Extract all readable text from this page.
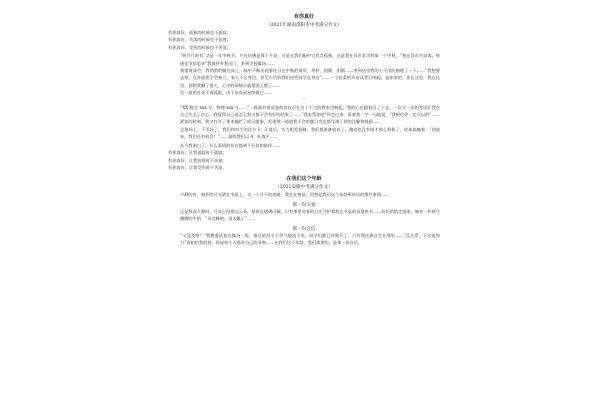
········· ······
有你真好
（2021年湖南邵阳市中考满分作文）
有你真好，孤独的时候也不孤寂；
有你真好，失落的时候也不彷徨；
有你真好，受伤的时候也不苦涩。
“明月几时有”又是一年中秋节，月亮仿佛是那个月亮，可是在我们眼中它有点孤独，这是我在异乡求学的第一个中秋，“独在异乡为异客，每逢佳节倍思亲”我披件外套出门，来到学校操场……
我望着深空，我悄悄的躺在床上，脑中不断出现着往日在中秋的情形，举杯，团圆，团圆……里到这里我的心不由的抽噎了一下……“我想要去家，在外面要学会独立，家人不在身边，但至少仍有我们这些同学在身边”……一个轻柔的声音从背后响起，是你来的，你在这里，我在这里，你陪我聊了很久，心中的烦恼早就烟消云散了……
这一夜的月亮不再孤寂，由于仿有星星陪着它……
⋯
“XX 数学 xxx 分，物理 xxx 分……”一阵阵对着试卷的哀叹声在这个不大的教室里响起，我的心也跟着沉了下去，一次又一次的考试让我对自己失去了信心，我觉得自己再怎么努力都不会有好的结果了……“我来帮你吧”你走过来，看着我一字一句地说，“我相信你一定可以的”……
紧张的时刻，我又打开了那本翻烂了的习题册，发现那一道道我不会的题目旁边都写满了你的注解和鼓励……
足球场上，下半场了，我们和对手的比分 1：3 落后，实力相差悬殊，我们都准备放弃了，跑动也没有刚才那么积极了，你却高喊着：“别放弃，我们还有机会！”……最终我们以 4：4 战平……
从今我明白了，什么事情的存在都离不开你的陪伴……
有你真好，让我孤寂时不孤寂；
有你真好，让我彷徨时不彷徨；
有你真好，让我受伤时不苦涩。
在我们这个年龄
（2021安徽中考满分作文）
宁静的夜，窗外的月光洒在书桌上，又一个月下的夜晚，我坐在窗前，回想起我们这个年龄所经历的那些事情……
那一份关爱
正是我深入静时，月亮已经爬过云朵，星星在熠熠闪耀，只有那里亮着的灯光守护着我在书桌前奋笔疾书……妈妈悄悄走进来，端来一杯热气腾腾的牛奶，“早点睡吧，别太累了”……
那一份自信
“又没及格！”我抱着试卷在操场一角，难过的泪水不争气地流下来，同学们都已经离开了，只有我还独自坐在那里……“没关系，下次再努力”你拍拍我的肩，你说每个人都有自己的节奏……在我们这个年龄，我们需要的，是那一份自信。
